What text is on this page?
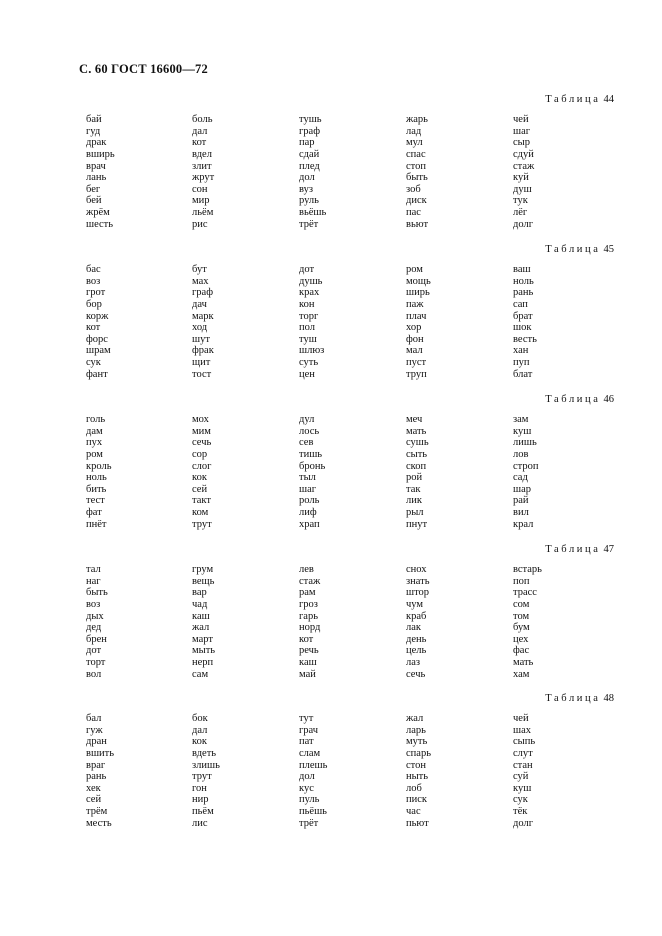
С. 60 ГОСТ 16600—72
Таблица 44
бай
гуд
драк
вширь
врач
лань
бег
бей
жрём
шесть
боль
дал
кот
вдел
злит
жрут
сон
мир
льём
рис
тушь
граф
пар
сдай
плед
дол
вуз
руль
вьёшь
трёт
жарь
лад
мул
спас
стоп
быть
зоб
диск
пас
вьют
чей
шаг
сыр
сдуй
стаж
куй
душ
тук
лёг
долг
Таблица 45
бас
воз
грот
бор
корж
кот
форс
шрам
сук
фант
бут
мах
граф
дач
марк
ход
шут
фрак
щит
тост
дот
душь
крах
кон
торг
пол
туш
шлюз
суть
цен
ром
мощь
ширь
паж
плач
хор
фон
мал
пуст
труп
ваш
ноль
рань
сап
брат
шок
весть
хан
пуп
блат
Таблица 46
голь
дам
пух
ром
кроль
ноль
бить
тест
фат
пнёт
мох
мим
сечь
сор
слог
кок
сей
такт
ком
трут
дул
лось
сев
тишь
бронь
тыл
шаг
роль
лиф
храп
меч
мать
сушь
сыть
скоп
рой
так
лик
рыл
пнут
зам
куш
лишь
лов
строп
сад
шар
рай
вил
крал
Таблица 47
тал
наг
быть
воз
дых
дед
брен
дот
торт
вол
грум
вещь
вар
чад
каш
жал
март
мыть
нерп
сам
лев
стаж
рам
гроз
гарь
норд
кот
речь
каш
май
снох
знать
штор
чум
краб
лак
день
цель
лаз
сечь
встарь
поп
трасс
сом
том
бум
цех
фас
мать
хам
Таблица 48
бал
гуж
дран
вшить
враг
рань
хек
сей
трём
месть
бок
дал
кок
вдеть
злишь
трут
гон
нир
пьём
лис
тут
грач
пат
слам
плешь
дол
кус
пуль
пьёшь
трёт
жал
ларь
муть
спарь
стон
ныть
лоб
писк
час
пьют
чей
шах
сыпь
слут
стан
суй
куш
сук
тёк
долг
